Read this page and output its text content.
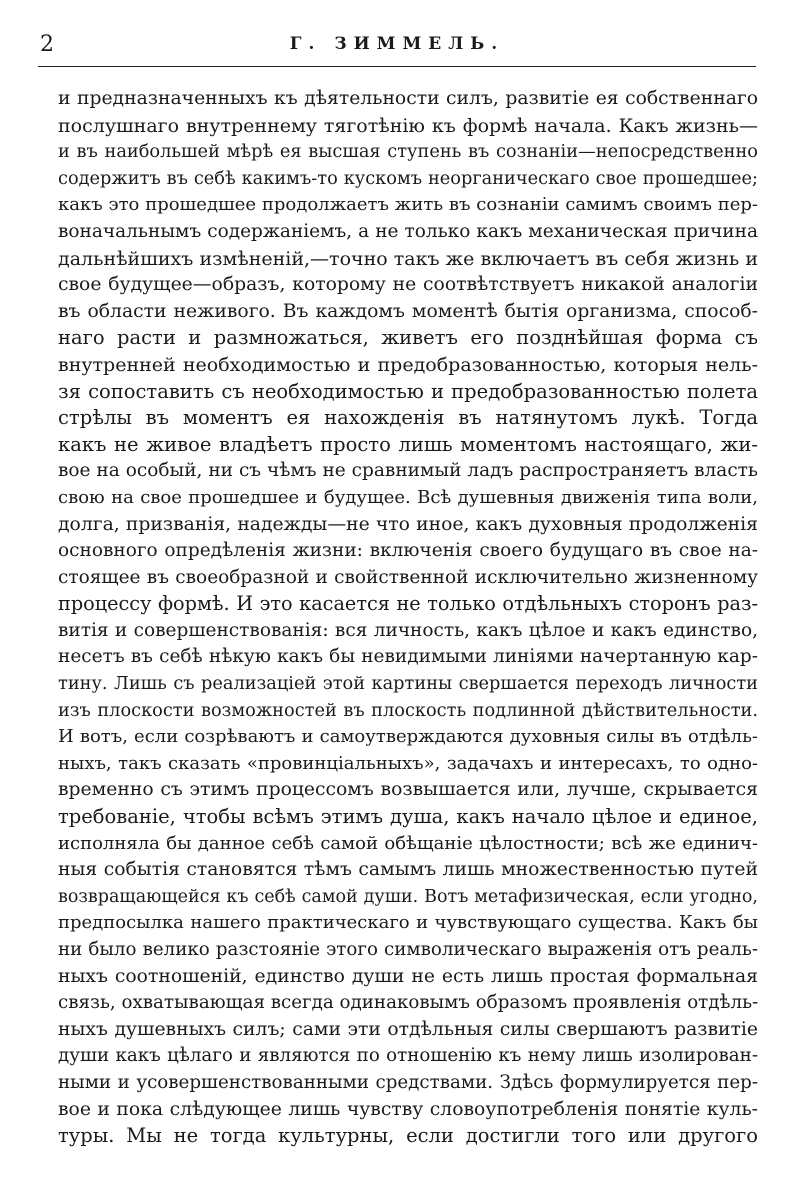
2	Г. ЗИММЕЛЬ.
и предназначенныхъ къ дѣятельности силъ, развитіе ея собственнаго
послушнаго внутреннему тяготѣнію къ формѣ начала. Какъ жизнь—
и въ наибольшей мѣрѣ ея высшая ступень въ сознаніи—непосредственно
содержитъ въ себѣ какимъ-то кускомъ неорганическаго свое прошедшее;
какъ это прошедшее продолжаетъ жить въ сознаніи самимъ своимъ пер-
воначальнымъ содержаніемъ, а не только какъ механическая причина
дальнѣйшихъ измѣненій,—точно такъ же включаетъ въ себя жизнь и
свое будущее—образъ, которому не соотвѣтствуетъ никакой аналогіи
въ области неживого. Въ каждомъ моментѣ бытія организма, способ-
наго расти и размножаться, живетъ его позднѣйшая форма съ
внутренней необходимостью и предобразованностью, которыя нель-
зя сопоставить съ необходимостью и предобразованностью полета
стрѣлы въ моментъ ея нахожденія въ натянутомъ лукѣ. Тогда
какъ не живое владѣетъ просто лишь моментомъ настоящаго, жи-
вое на особый, ни съ чѣмъ не сравнимый ладъ распространяетъ власть
свою на свое прошедшее и будущее. Всѣ душевныя движенія типа воли,
долга, призванія, надежды—не что иное, какъ духовныя продолженія
основного опредѣленія жизни: включенія своего будущаго въ свое на-
стоящее въ своеобразной и свойственной исключительно жизненному
процессу формѣ. И это касается не только отдѣльныхъ сторонъ раз-
витія и совершенствованія: вся личность, какъ цѣлое и какъ единство,
несетъ въ себѣ нѣкую какъ бы невидимыми линіями начертанную кар-
тину. Лишь съ реализаціей этой картины свершается переходъ личности
изъ плоскости возможностей въ плоскость подлинной дѣйствительности.
И вотъ, если созрѣваютъ и самоутверждаются духовныя силы въ отдѣль-
ныхъ, такъ сказать «провинціальныхъ», задачахъ и интересахъ, то одно-
временно съ этимъ процессомъ возвышается или, лучше, скрывается
требованіе, чтобы всѣмъ этимъ душа, какъ начало цѣлое и единое,
исполняла бы данное себѣ самой обѣщаніе цѣлостности; всѣ же единич-
ныя событія становятся тѣмъ самымъ лишь множественностью путей
возвращающейся къ себѣ самой души. Вотъ метафизическая, если угодно,
предпосылка нашего практическаго и чувствующаго существа. Какъ бы
ни было велико разстояніе этого символическаго выраженія отъ реаль-
ныхъ соотношеній, единство души не есть лишь простая формальная
связь, охватывающая всегда одинаковымъ образомъ проявленія отдѣль-
ныхъ душевныхъ силъ; сами эти отдѣльныя силы свершаютъ развитіе
души какъ цѣлаго и являются по отношенію къ нему лишь изолирован-
ными и усовершенствованными средствами. Здѣсь формулируется пер-
вое и пока слѣдующее лишь чувству словоупотребленія понятіе куль-
туры. Мы не тогда культурны, если достигли того или другого
